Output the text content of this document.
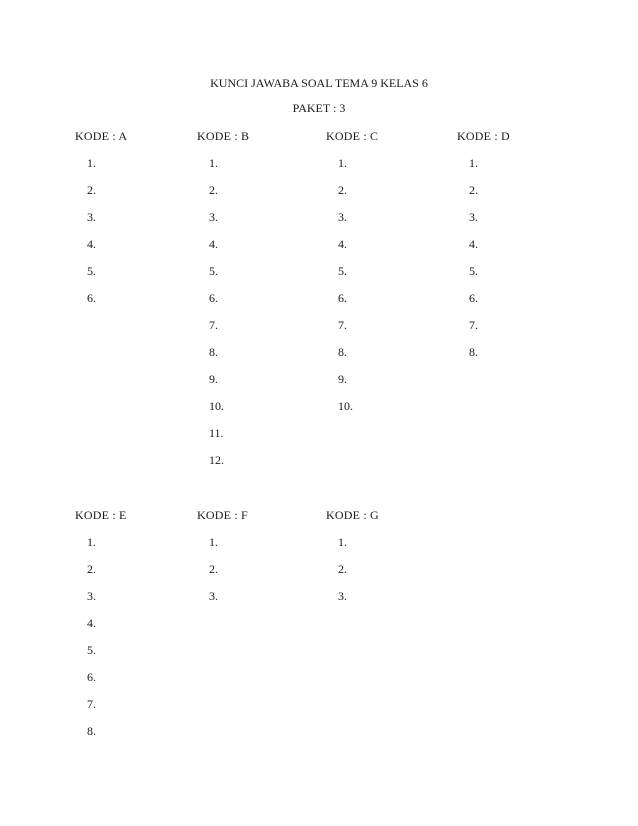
KUNCI JAWABA SOAL TEMA 9 KELAS 6
PAKET : 3
KODE : A
1.
2.
3.
4.
5.
6.
KODE : B
1.
2.
3.
4.
5.
6.
7.
8.
9.
10.
11.
12.
KODE : C
1.
2.
3.
4.
5.
6.
7.
8.
9.
10.
KODE : D
1.
2.
3.
4.
5.
6.
7.
8.
KODE : E
1.
2.
3.
4.
5.
6.
7.
8.
KODE : F
1.
2.
3.
KODE : G
1.
2.
3.
